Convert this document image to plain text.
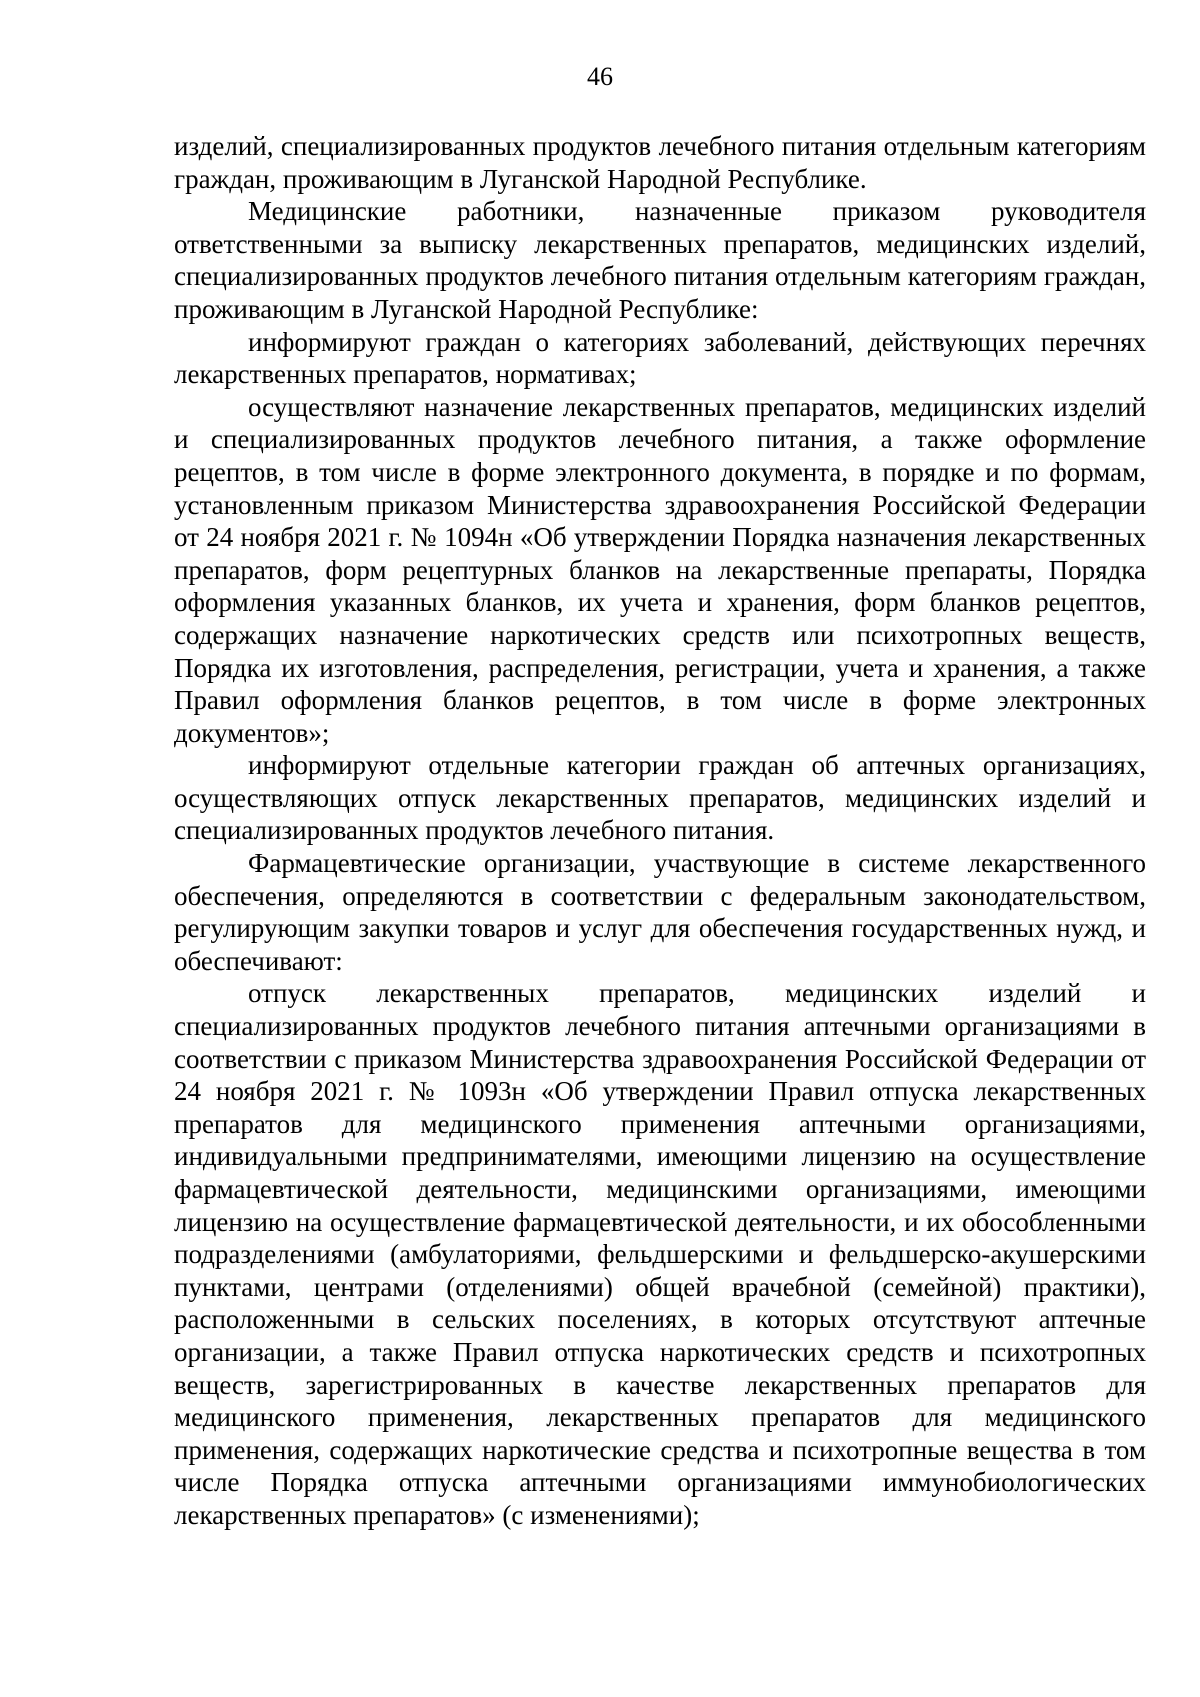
46

изделий, специализированных продуктов лечебного питания отдельным категориям граждан, проживающим в Луганской Народной Республике.

Медицинские работники, назначенные приказом руководителя ответственными за выписку лекарственных препаратов, медицинских изделий, специализированных продуктов лечебного питания отдельным категориям граждан, проживающим в Луганской Народной Республике:

информируют граждан о категориях заболеваний, действующих перечнях лекарственных препаратов, нормативах;

осуществляют назначение лекарственных препаратов, медицинских изделий и специализированных продуктов лечебного питания, а также оформление рецептов, в том числе в форме электронного документа, в порядке и по формам, установленным приказом Министерства здравоохранения Российской Федерации от 24 ноября 2021 г. № 1094н «Об утверждении Порядка назначения лекарственных препаратов, форм рецептурных бланков на лекарственные препараты, Порядка оформления указанных бланков, их учета и хранения, форм бланков рецептов, содержащих назначение наркотических средств или психотропных веществ, Порядка их изготовления, распределения, регистрации, учета и хранения, а также Правил оформления бланков рецептов, в том числе в форме электронных документов»;

информируют отдельные категории граждан об аптечных организациях, осуществляющих отпуск лекарственных препаратов, медицинских изделий и специализированных продуктов лечебного питания.

Фармацевтические организации, участвующие в системе лекарственного обеспечения, определяются в соответствии с федеральным законодательством, регулирующим закупки товаров и услуг для обеспечения государственных нужд, и обеспечивают:

отпуск лекарственных препаратов, медицинских изделий и специализированных продуктов лечебного питания аптечными организациями в соответствии с приказом Министерства здравоохранения Российской Федерации от 24 ноября 2021 г. № 1093н «Об утверждении Правил отпуска лекарственных препаратов для медицинского применения аптечными организациями, индивидуальными предпринимателями, имеющими лицензию на осуществление фармацевтической деятельности, медицинскими организациями, имеющими лицензию на осуществление фармацевтической деятельности, и их обособленными подразделениями (амбулаториями, фельдшерскими и фельдшерско-акушерскими пунктами, центрами (отделениями) общей врачебной (семейной) практики), расположенными в сельских поселениях, в которых отсутствуют аптечные организации, а также Правил отпуска наркотических средств и психотропных веществ, зарегистрированных в качестве лекарственных препаратов для медицинского применения, лекарственных препаратов для медицинского применения, содержащих наркотические средства и психотропные вещества в том числе Порядка отпуска аптечными организациями иммунобиологических лекарственных препаратов» (с изменениями);
